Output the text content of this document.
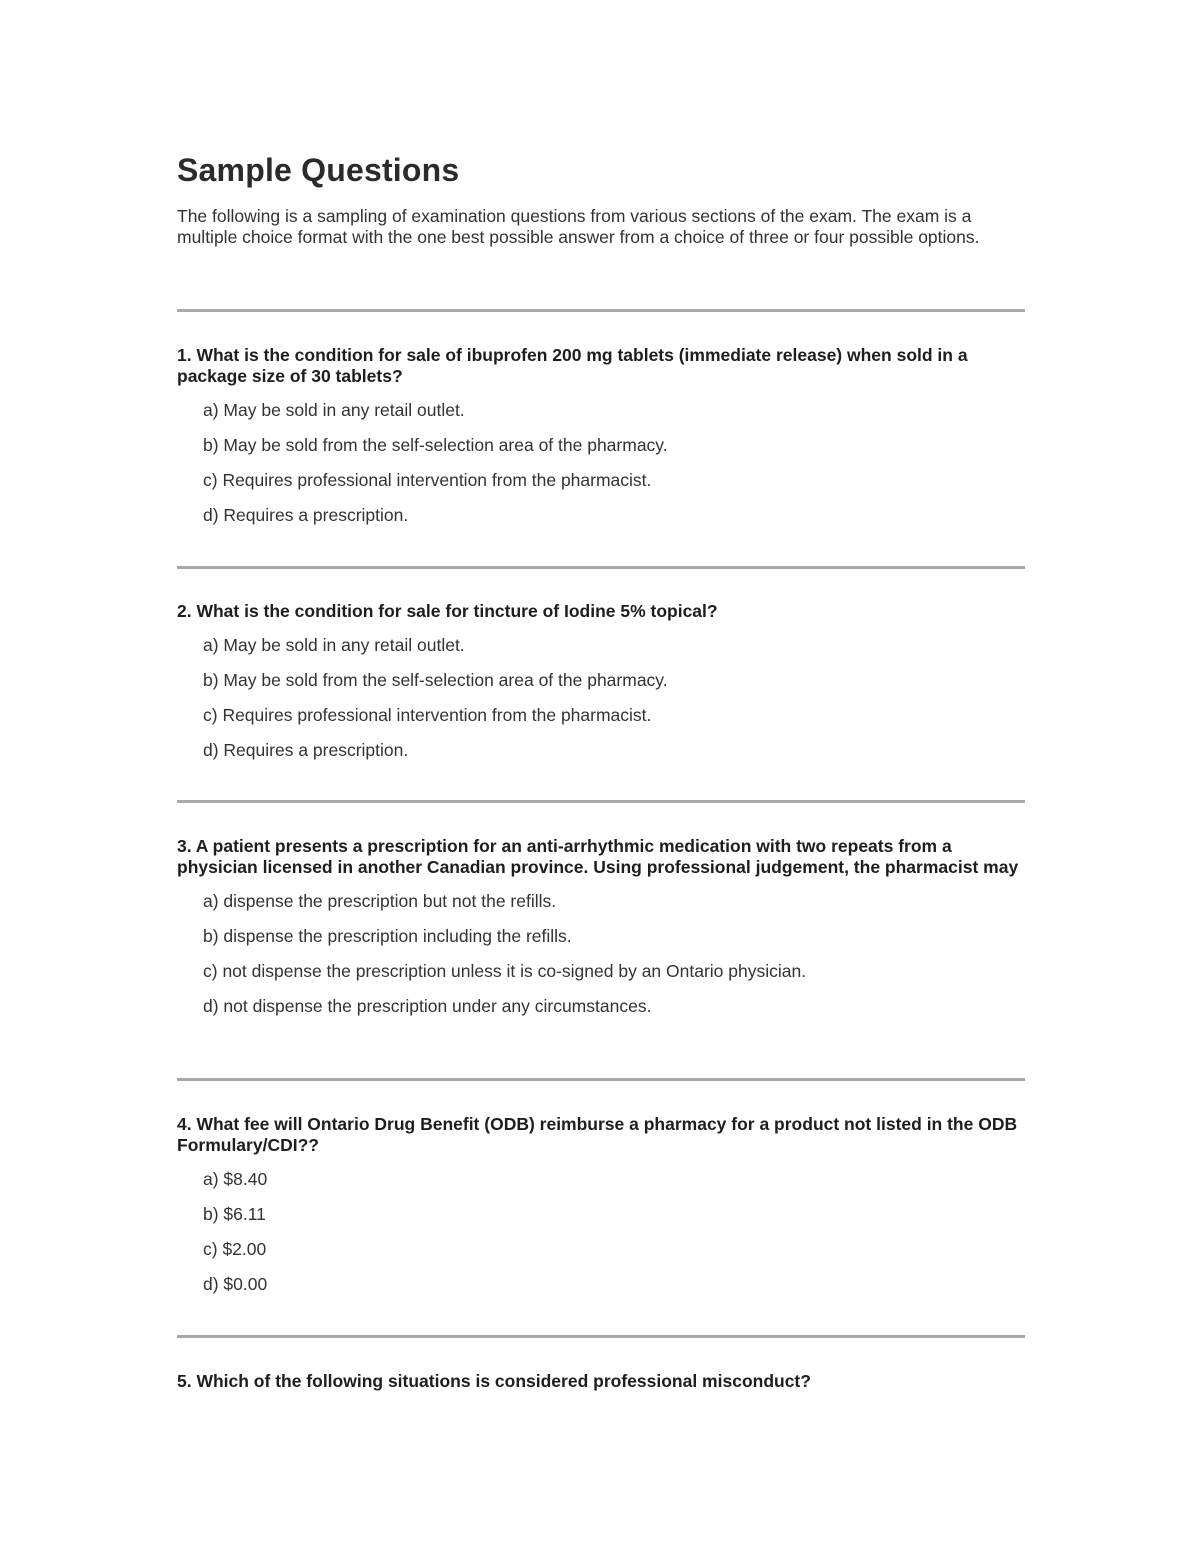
Sample Questions

The following is a sampling of examination questions from various sections of the exam. The exam is a multiple choice format with the one best possible answer from a choice of three or four possible options.

1. What is the condition for sale of ibuprofen 200 mg tablets (immediate release) when sold in a package size of 30 tablets?

a) May be sold in any retail outlet.
b) May be sold from the self-selection area of the pharmacy.
c) Requires professional intervention from the pharmacist.
d) Requires a prescription.

2. What is the condition for sale for tincture of Iodine 5% topical?

a) May be sold in any retail outlet.
b) May be sold from the self-selection area of the pharmacy.
c) Requires professional intervention from the pharmacist.
d) Requires a prescription.

3. A patient presents a prescription for an anti-arrhythmic medication with two repeats from a physician licensed in another Canadian province. Using professional judgement, the pharmacist may

a) dispense the prescription but not the refills.
b) dispense the prescription including the refills.
c) not dispense the prescription unless it is co-signed by an Ontario physician.
d) not dispense the prescription under any circumstances.

4. What fee will Ontario Drug Benefit (ODB) reimburse a pharmacy for a product not listed in the ODB Formulary/CDI??

a) $8.40
b) $6.11
c) $2.00
d) $0.00

5. Which of the following situations is considered professional misconduct?
